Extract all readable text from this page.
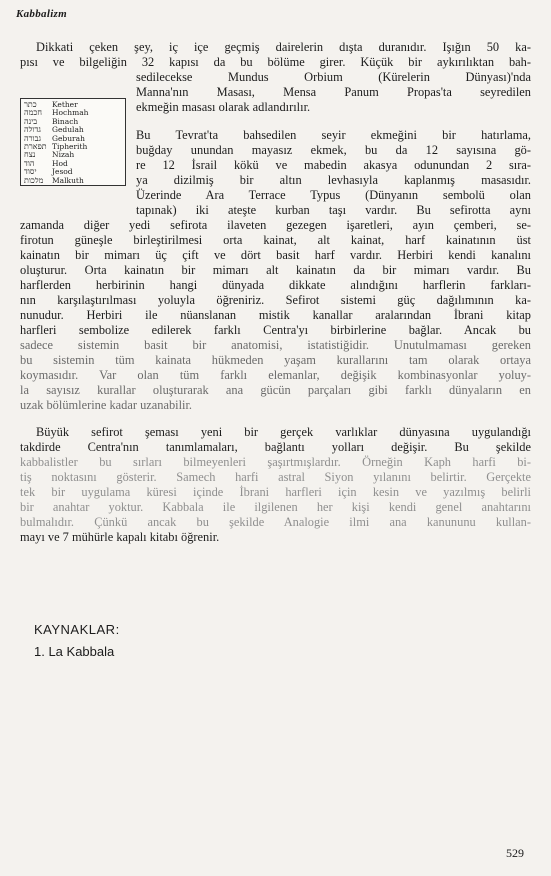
Kabbalizm
כתר Kether
חכמה Hochmah
בינה Binach
גדולה Gedulah
גבורה Geburah
תפארת Tipherith
נצח Nizah
הוד Hod
יסוד Jesod
מלכות Malkuth
Dikkati çeken şey, iç içe geçmiş dairelerin dışta duranıdır. Işığın 50 ka-
pısı ve bilgeliğin 32 kapısı da bu bölüme girer. Küçük bir aykırılıktan bah-
sedilecekse Mundus Orbium (Kürelerin Dünyası)'nda
Manna'nın Masası, Mensa Panum Propas'ta seyredilen
ekmeğin masası olarak adlandırılır.
Bu Tevrat'ta bahsedilen seyir ekmeğini bir hatırlama,
buğday unundan mayasız ekmek, bu da 12 sayısına gö-
re 12 İsrail kökü ve mabedin akasya odunundan 2 sıra-
ya dizilmiş bir altın levhasıyla kaplanmış masasıdır.
Üzerinde Ara Terrace Typus (Dünyanın sembolü olan
tapınak) iki ateşte kurban taşı vardır. Bu sefirotta aynı
zamanda diğer yedi sefirota ilaveten gezegen işaretleri, ayın çemberi, se-
firotun güneşle birleştirilmesi orta kainat, alt kainat, harf kainatının üst
kainatın bir mimarı üç çift ve dört basit harf vardır. Herbiri kendi kanalını
oluşturur. Orta kainatın bir mimarı alt kainatın da bir mimarı vardır. Bu
harflerden herbirinin hangi dünyada dikkate alındığını harflerin farkları-
nın karşılaştırılması yoluyla öğreniriz. Sefirot sistemi güç dağılımının ka-
nunudur. Herbiri ile nüanslanan mistik kanallar aralarından İbrani kitap
harfleri sembolize edilerek farklı Centra'yı birbirlerine bağlar. Ancak bu
sadece sistemin basit bir anatomisi, istatistiğidir. Unutulmaması gereken
bu sistemin tüm kainata hükmeden yaşam kurallarını tam olarak ortaya
koymasıdır. Var olan tüm farklı elemanlar, değişik kombinasyonlar yoluy-
la sayısız kurallar oluşturarak ana gücün parçaları gibi farklı dünyaların en
uzak bölümlerine kadar uzanabilir.
Büyük sefirot şeması yeni bir gerçek varlıklar dünyasına uygulandığı
takdirde Centra'nın tanımlamaları, bağlantı yolları değişir. Bu şekilde
kabbalistler bu sırları bilmeyenleri şaşırtmışlardır. Örneğin Kaph harfi bi-
tiş noktasını gösterir. Samech harfi astral Siyon yılanını belirtir. Gerçekte
tek bir uygulama küresi içinde İbrani harfleri için kesin ve yazılmış belirli
bir anahtar yoktur. Kabbala ile ilgilenen her kişi kendi genel anahtarını
bulmalıdır. Çünkü ancak bu şekilde Analogie ilmi ana kanununu kullan-
mayı ve 7 mühürle kapalı kitabı öğrenir.
KAYNAKLAR:
1. La Kabbala
529
